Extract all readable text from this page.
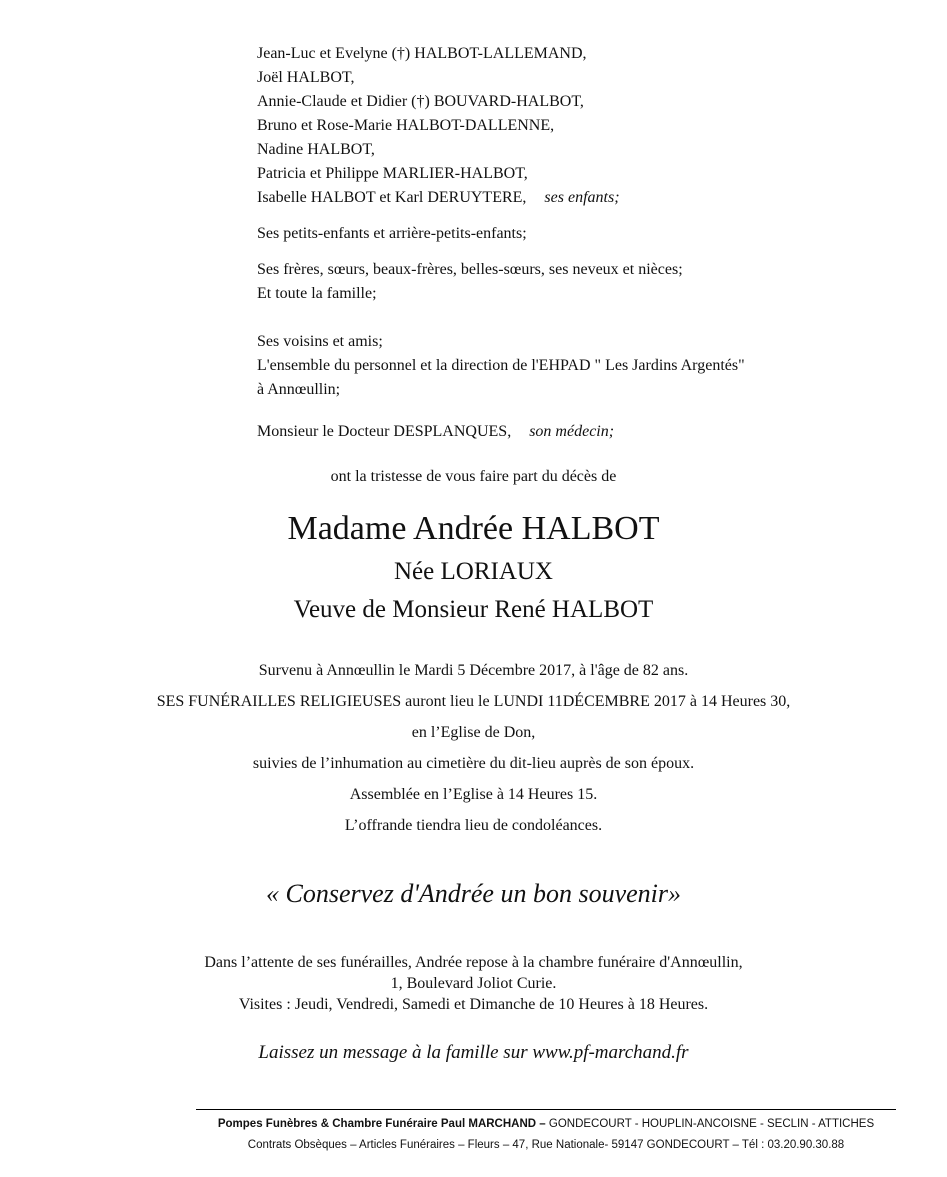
Jean-Luc et Evelyne (†) HALBOT-LALLEMAND,
Joël HALBOT,
Annie-Claude et Didier (†) BOUVARD-HALBOT,
Bruno et Rose-Marie HALBOT-DALLENNE,
Nadine HALBOT,
Patricia et Philippe MARLIER-HALBOT,
Isabelle HALBOT et Karl DERUYTERE, ses enfants;
Ses petits-enfants et arrière-petits-enfants;
Ses frères, sœurs, beaux-frères, belles-sœurs, ses neveux et nièces;
Et toute la famille;
Ses voisins et amis;
L'ensemble du personnel et la direction de l'EHPAD " Les Jardins Argentés"
à Annœullin;
Monsieur le Docteur DESPLANQUES, son médecin;
ont la tristesse de vous faire part du décès de
Madame Andrée HALBOT
Née LORIAUX
Veuve de Monsieur René HALBOT
Survenu à Annœullin le Mardi 5 Décembre 2017, à l'âge de 82 ans.
SES FUNÉRAILLES RELIGIEUSES auront lieu le LUNDI 11DÉCEMBRE 2017 à 14 Heures 30,
en l’Eglise de Don,
suivies de l’inhumation au cimetière du dit-lieu auprès de son époux.
Assemblée en l’Eglise à 14 Heures 15.
L’offrande tiendra lieu de condoléances.
« Conservez d'Andrée un bon souvenir»
Dans l’attente de ses funérailles, Andrée repose à la chambre funéraire d'Annœullin,
1, Boulevard Joliot Curie.
Visites : Jeudi, Vendredi, Samedi et Dimanche de 10 Heures à 18 Heures.
Laissez un message à la famille sur www.pf-marchand.fr
Pompes Funèbres & Chambre Funéraire Paul MARCHAND – GONDECOURT - HOUPLIN-ANCOISNE - SECLIN - ATTICHES
Contrats Obsèques – Articles Funéraires – Fleurs – 47, Rue Nationale- 59147 GONDECOURT – Tél : 03.20.90.30.88
